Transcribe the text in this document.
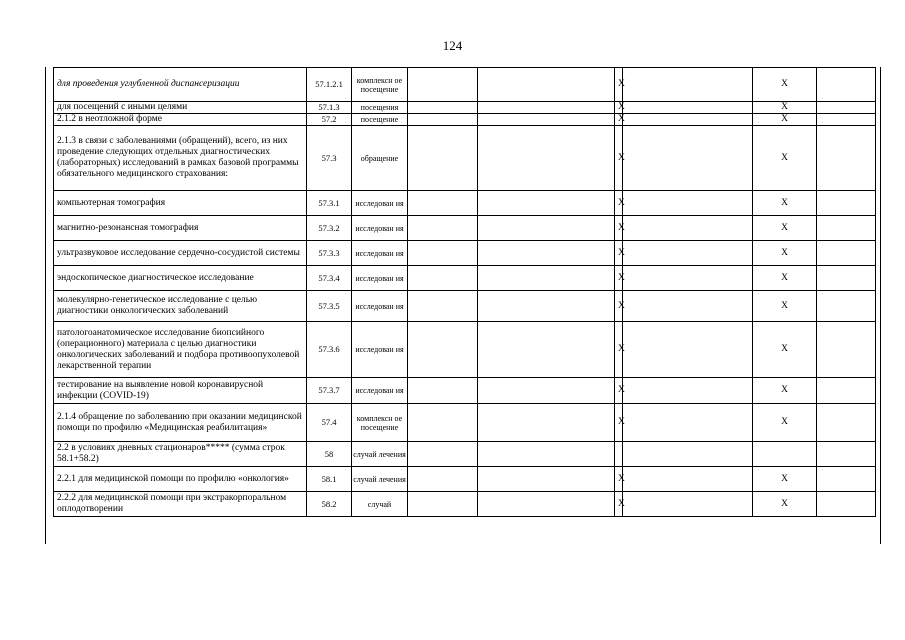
124
для проведения углубленной диспансеризации	57.1.2.1	комплексн ое посещение			X		X		
для посещений с иными целями	57.1.3	посещения			X		X		
2.1.2 в неотложной форме	57.2	посещение			X		X		
2.1.3 в связи с заболеваниями (обращений), всего, из них проведение следующих отдельных диагностических (лабораторных) исследований в рамках базовой программы обязательного медицинского страхования:	57.3	обращение			X		X		
компьютерная томография	57.3.1	исследован ия			X		X		
магнитно-резонансная томография	57.3.2	исследован ия			X		X		
ультразвуковое исследование сердечно-сосудистой системы	57.3.3	исследован ия			X		X		
эндоскопическое диагностическое исследование	57.3.4	исследован ия			X		X		
молекулярно-генетическое исследование с целью диагностики онкологических заболеваний	57.3.5	исследован ия			X		X		
патологоанатомическое исследование биопсийного (операционного) материала с целью диагностики онкологических заболеваний и подбора противоопухолевой лекарственной терапии	57.3.6	исследован ия			X		X		
тестирование на выявление новой коронавирусной инфекции (COVID-19)	57.3.7	исследован ия			X		X		
2.1.4 обращение по заболеванию при оказании медицинской помощи по профилю «Медицинская реабилитация»	57.4	комплексн ое посещение			X		X		
2.2 в условиях дневных стационаров***** (сумма строк 58.1+58.2)	58	случай лечения							
2.2.1 для медицинской помощи по профилю «онкология»	58.1	случай лечения			X		X		
2.2.2 для медицинской помощи при экстракорпоральном оплодотворении	58.2	случай			X		X		
